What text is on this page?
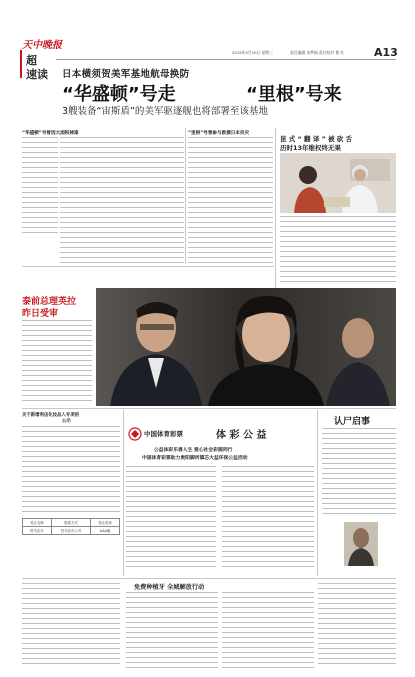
天中晚报
超
速读
2015年5月20日 星期三	责任编辑 朱梦娟 责任校对 曹 红	A13
日本横须贺美军基地航母换防
“华盛顿”号走	“里根”号来
3艘装备“宙斯盾”的美军驱逐舰也将部署至该基地
“华盛顿”号曾因大面积掉漆	“里根”号曾参与救援日本抗灾
昆 式 “ 翻 译 ” 被 砍 舌
历时13年维权终无果
泰前总理英拉
昨日受审
关于新增利店化妆品入专项的
公示
受让名称	联系方式	受让资质
驻马店市	驻马店市公司	AAA级
中国体育彩票	体 彩 公 益
公益体彩乐善人生 爱心社会彩圆同行
中国体育彩票助力贵阳脚河镇芯大益环保公益活动
认尸启事
免费种植牙 全城解放行动
